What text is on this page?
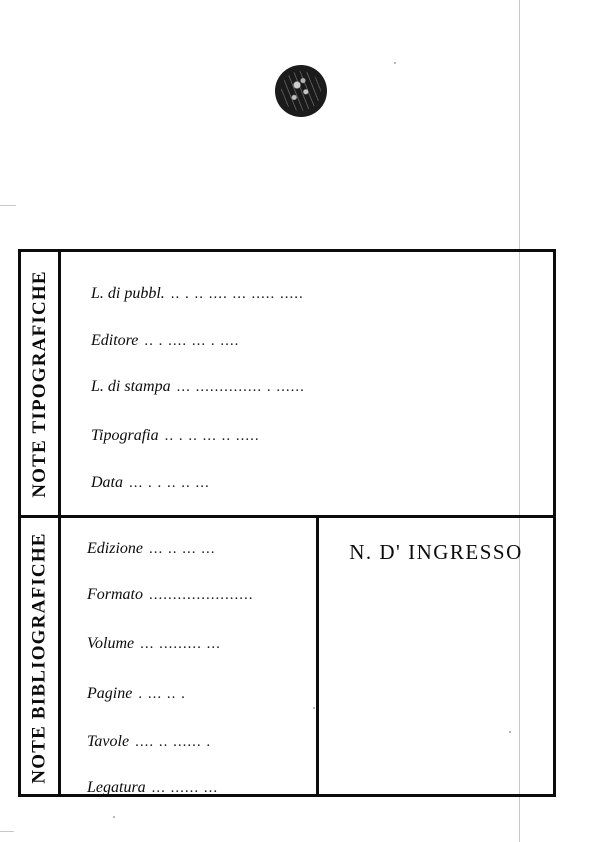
NOTE TIPOGRAFICHE	L. di pubbl. .. . .. .... ... ..... .....
Editore .. . .... ... . ....
L. di stampa ... .............. . ......
Tipografia .. . .. ... .. .....
Data ... . . .. .. ...
NOTE BIBLIOGRAFICHE Edizione ... .. ... ...
Formato ......................
Volume ... ......... ...
Pagine . ... .. .
Tavole .... .. ...... .
Legatura ... ...... ...
N. D' INGRESSO
